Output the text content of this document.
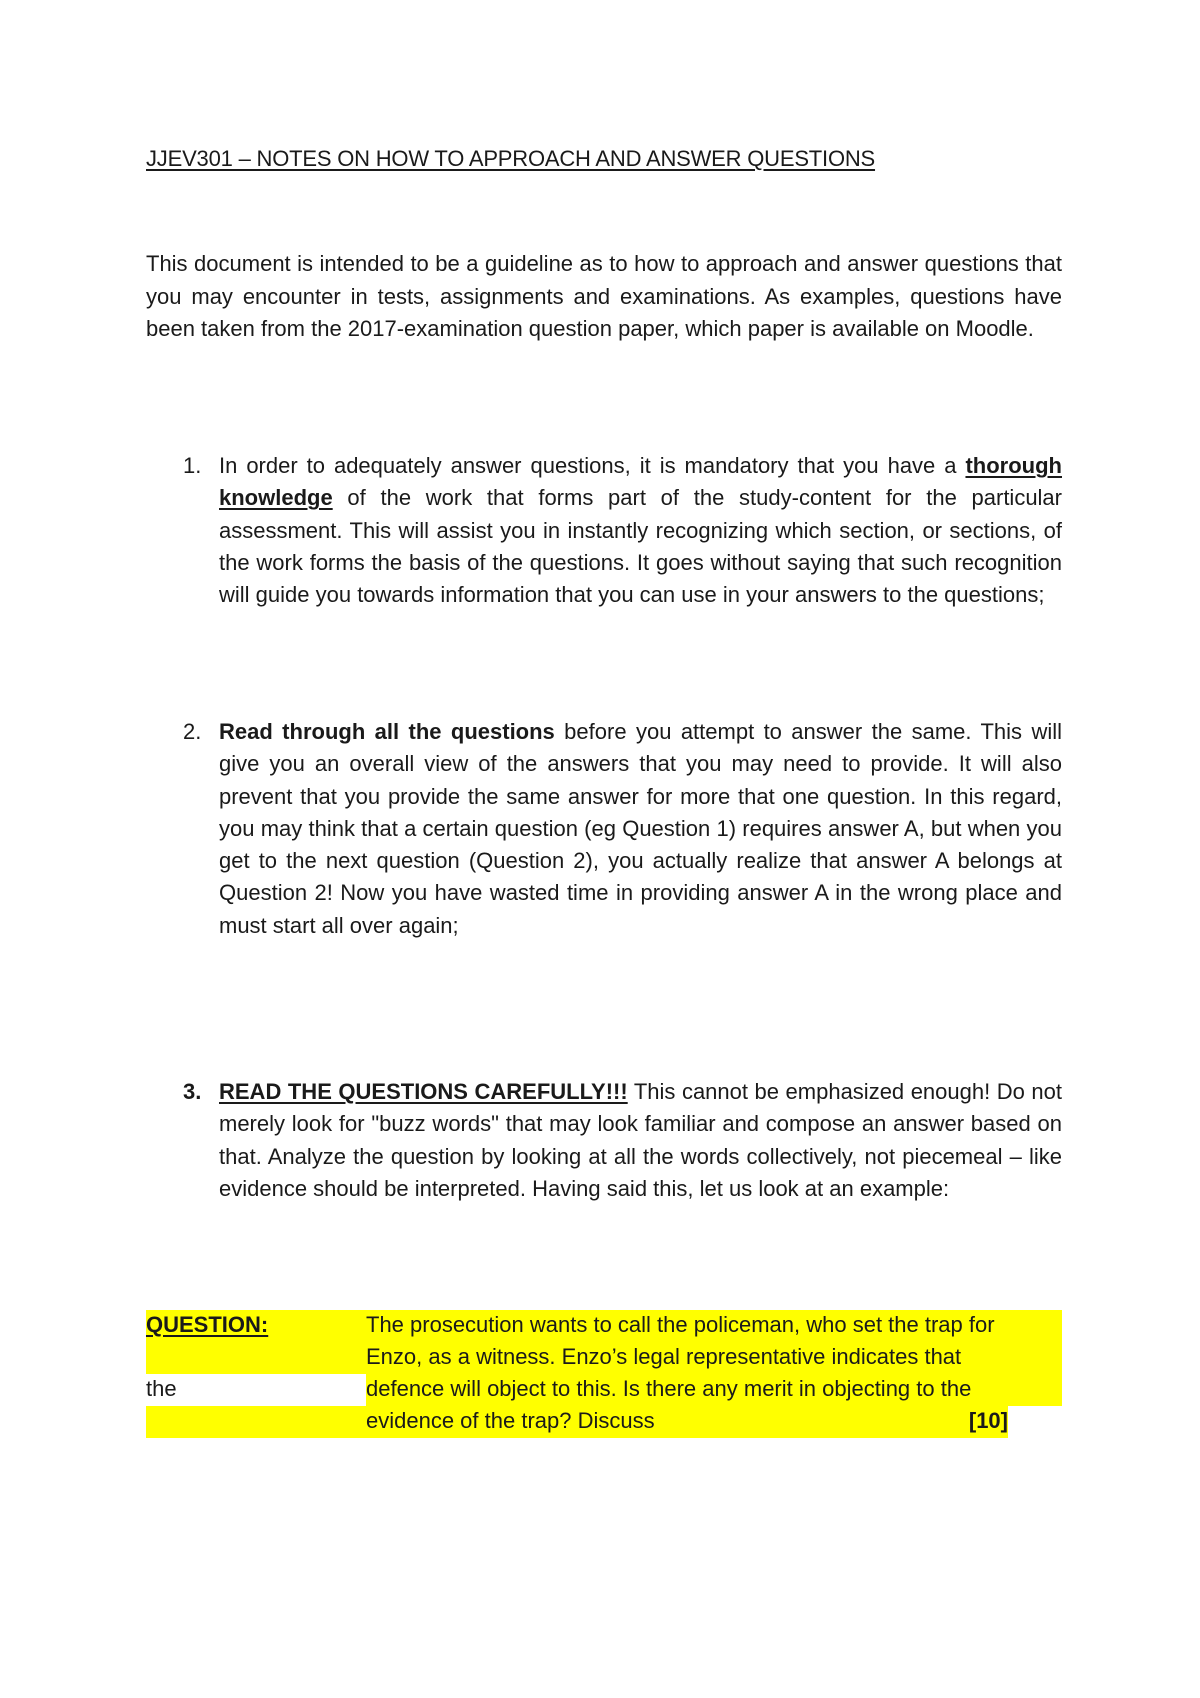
JJEV301 – NOTES ON HOW TO APPROACH AND ANSWER QUESTIONS

This document is intended to be a guideline as to how to approach and answer questions that you may encounter in tests, assignments and examinations. As examples, questions have been taken from the 2017-examination question paper, which paper is available on Moodle.

1. In order to adequately answer questions, it is mandatory that you have a thorough knowledge of the work that forms part of the study-content for the particular assessment. This will assist you in instantly recognizing which section, or sections, of the work forms the basis of the questions. It goes without saying that such recognition will guide you towards information that you can use in your answers to the questions;

2. Read through all the questions before you attempt to answer the same. This will give you an overall view of the answers that you may need to provide. It will also prevent that you provide the same answer for more that one question. In this regard, you may think that a certain question (eg Question 1) requires answer A, but when you get to the next question (Question 2), you actually realize that answer A belongs at Question 2! Now you have wasted time in providing answer A in the wrong place and must start all over again;

3. READ THE QUESTIONS CAREFULLY!!! This cannot be emphasized enough! Do not merely look for "buzz words" that may look familiar and compose an answer based on that. Analyze the question by looking at all the words collectively, not piecemeal – like evidence should be interpreted. Having said this, let us look at an example:

QUESTION:	The prosecution wants to call the policeman, who set the trap for
Enzo, as a witness. Enzo’s legal representative indicates that
the	defence will object to this. Is there any merit in objecting to the
evidence of the trap? Discuss	[10]
